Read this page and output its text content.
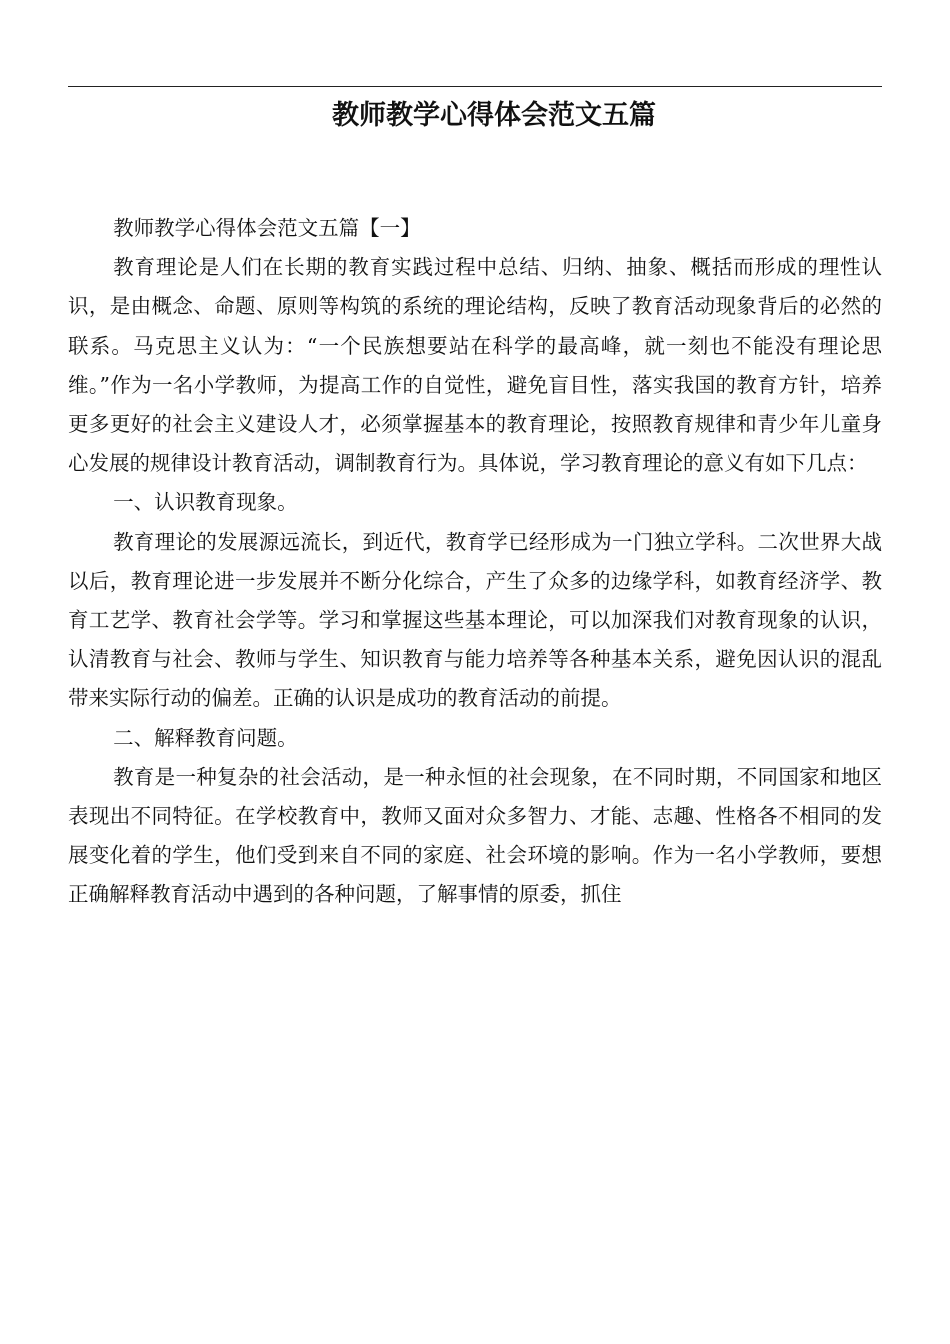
教师教学心得体会范文五篇

教师教学心得体会范文五篇【一】

教育理论是人们在长期的教育实践过程中总结、归纳、抽象、概括而形成的理性认识，是由概念、命题、原则等构筑的系统的理论结构，反映了教育活动现象背后的必然的联系。马克思主义认为：“一个民族想要站在科学的最高峰，就一刻也不能没有理论思维。”作为一名小学教师，为提高工作的自觉性，避免盲目性，落实我国的教育方针，培养更多更好的社会主义建设人才，必须掌握基本的教育理论，按照教育规律和青少年儿童身心发展的规律设计教育活动，调制教育行为。具体说，学习教育理论的意义有如下几点：

一、认识教育现象。

教育理论的发展源远流长，到近代，教育学已经形成为一门独立学科。二次世界大战以后，教育理论进一步发展并不断分化综合，产生了众多的边缘学科，如教育经济学、教育工艺学、教育社会学等。学习和掌握这些基本理论，可以加深我们对教育现象的认识，认清教育与社会、教师与学生、知识教育与能力培养等各种基本关系，避免因认识的混乱带来实际行动的偏差。正确的认识是成功的教育活动的前提。

二、解释教育问题。

教育是一种复杂的社会活动，是一种永恒的社会现象，在不同时期，不同国家和地区表现出不同特征。在学校教育中，教师又面对众多智力、才能、志趣、性格各不相同的发展变化着的学生，他们受到来自不同的家庭、社会环境的影响。作为一名小学教师，要想正确解释教育活动中遇到的各种问题，了解事情的原委，抓住
